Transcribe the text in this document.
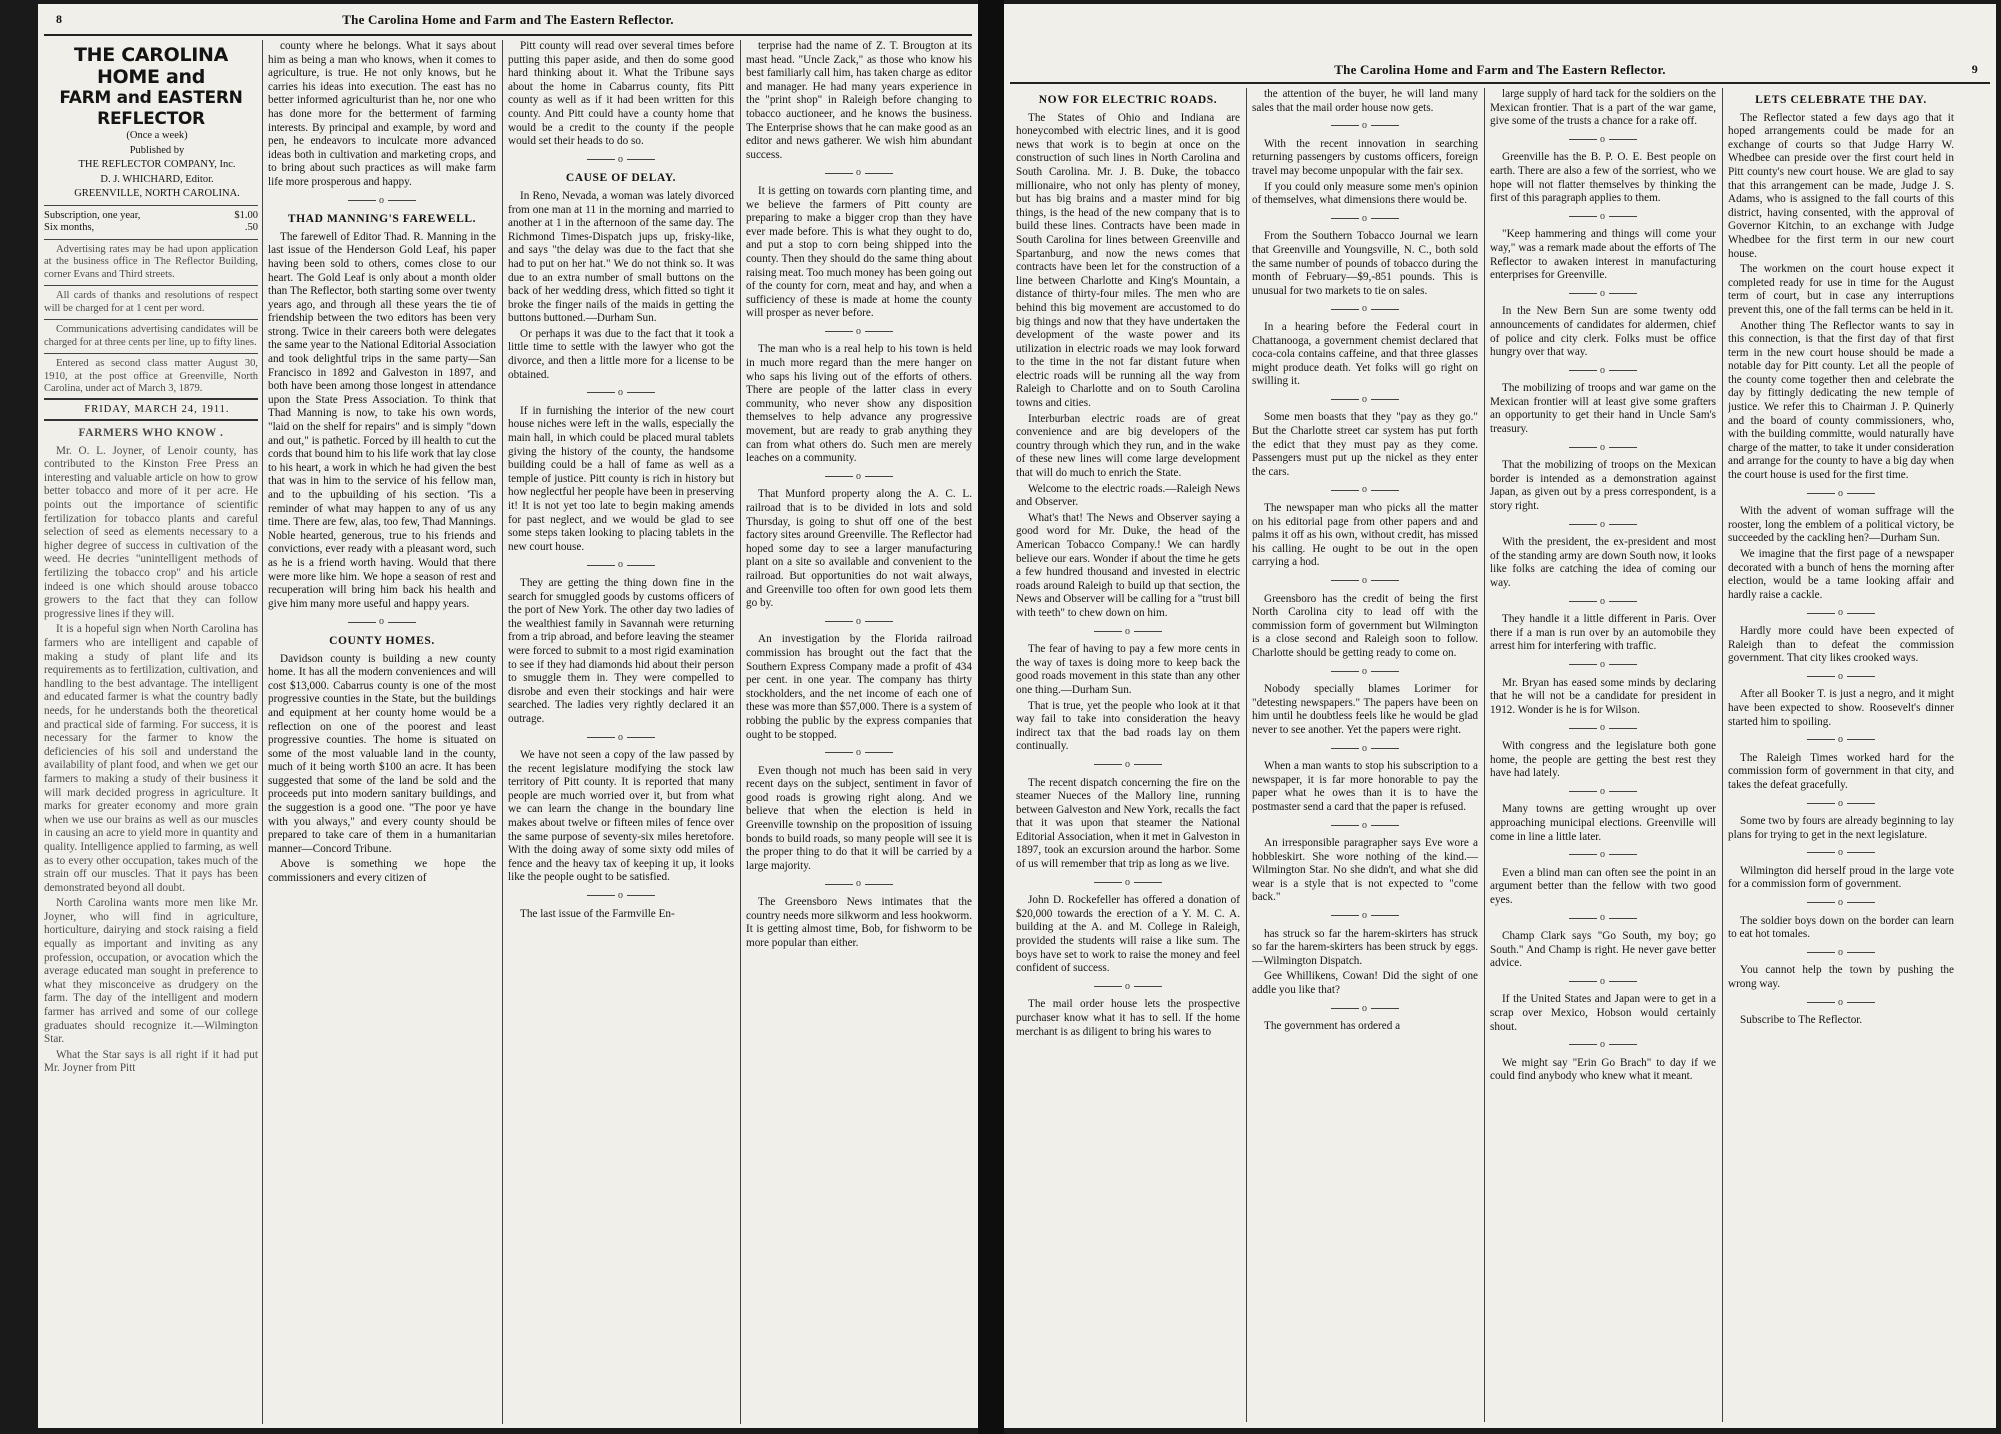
8	The Carolina Home and Farm and The Eastern Reflector.
THE CAROLINA HOME and

FARM and EASTERN
REFLECTOR

(Once a week)

Published by

THE REFLECTOR COMPANY, Inc.

D. J. WHICHARD, Editor.

GREENVILLE, NORTH CAROLINA.

Subscription, one year,	$1.00
Six months,	.50

Advertising rates may be had upon application at the business office in The Reflector Building, corner Evans and Third streets.

All cards of thanks and resolutions of respect will be charged for at 1 cent per word.

Communications advertising candidates will be charged for at three cents per line, up to fifty lines.

Entered as second class matter August 30, 1910, at the post office at Greenville, North Carolina, under act of March 3, 1879.

FRIDAY, MARCH 24, 1911.

FARMERS WHO KNOW .

Mr. O. L. Joyner, of Lenoir county, has contributed to the Kinston Free Press an interesting and valuable article on how to grow better tobacco and more of it per acre. He points out the importance of scientific fertilization for tobacco plants and careful selection of seed as elements necessary to a higher degree of success in cultivation of the weed. He decries "unintelligent methods of fertilizing the tobacco crop" and his article indeed is one which should arouse tobacco growers to the fact that they can follow progressive lines if they will.

It is a hopeful sign when North Carolina has farmers who are intelligent and capable of making a study of plant life and its requirements as to fertilization, cultivation, and handling to the best advantage. The intelligent and educated farmer is what the country badly needs, for he understands both the theoretical and practical side of farming. For success, it is necessary for the farmer to know the deficiencies of his soil and understand the availability of plant food, and when we get our farmers to making a study of their business it will mark decided progress in agriculture. It marks for greater economy and more grain when we use our brains as well as our muscles in causing an acre to yield more in quantity and quality. Intelligence applied to farming, as well as to every other occupation, takes much of the strain off our muscles. That it pays has been demonstrated beyond all doubt.

North Carolina wants more men like Mr. Joyner, who will find in agriculture, horticulture, dairying and stock raising a field equally as important and inviting as any profession, occupation, or avocation which the average educated man sought in preference to what they misconceive as drudgery on the farm. The day of the intelligent and modern farmer has arrived and some of our college graduates should recognize it.—Wilmington Star.

What the Star says is all right if it had put Mr. Joyner from Pitt

county where he belongs. What it says about him as being a man who knows, when it comes to agriculture, is true. He not only knows, but he carries his ideas into execution. The east has no better informed agriculturist than he, nor one who has done more for the betterment of farming interests. By principal and example, by word and pen, he endeavors to inculcate more advanced ideas both in cultivation and marketing crops, and to bring about such practices as will make farm life more prosperous and happy.

o
THAD MANNING'S FAREWELL.

The farewell of Editor Thad. R. Manning in the last issue of the Henderson Gold Leaf, his paper having been sold to others, comes close to our heart. The Gold Leaf is only about a month older than The Reflector, both starting some over twenty years ago, and through all these years the tie of friendship between the two editors has been very strong. Twice in their careers both were delegates the same year to the National Editorial Association and took delightful trips in the same party—San Francisco in 1892 and Galveston in 1897, and both have been among those longest in attendance upon the State Press Association. To think that Thad Manning is now, to take his own words, "laid on the shelf for repairs" and is simply "down and out," is pathetic. Forced by ill health to cut the cords that bound him to his life work that lay close to his heart, a work in which he had given the best that was in him to the service of his fellow man, and to the upbuilding of his section. 'Tis a reminder of what may happen to any of us any time. There are few, alas, too few, Thad Mannings. Noble hearted, generous, true to his friends and convictions, ever ready with a pleasant word, such as he is a friend worth having. Would that there were more like him. We hope a season of rest and recuperation will bring him back his health and give him many more useful and happy years.

o
COUNTY HOMES.

Davidson county is building a new county home. It has all the modern conveniences and will cost $13,000. Cabarrus county is one of the most progressive counties in the State, but the buildings and equipment at her county home would be a reflection on one of the poorest and least progressive counties. The home is situated on some of the most valuable land in the county, much of it being worth $100 an acre. It has been suggested that some of the land be sold and the proceeds put into modern sanitary buildings, and the suggestion is a good one. "The poor ye have with you always," and every county should be prepared to take care of them in a humanitarian manner—Concord Tribune.

Above is something we hope the commissioners and every citizen of

Pitt county will read over several times before putting this paper aside, and then do some good hard thinking about it. What the Tribune says about the home in Cabarrus county, fits Pitt county as well as if it had been written for this county. And Pitt could have a county home that would be a credit to the county if the people would set their heads to do so.

o
CAUSE OF DELAY.

In Reno, Nevada, a woman was lately divorced from one man at 11 in the morning and married to another at 1 in the afternoon of the same day. The Richmond Times-Dispatch jups up, frisky-like, and says "the delay was due to the fact that she had to put on her hat." We do not think so. It was due to an extra number of small buttons on the back of her wedding dress, which fitted so tight it broke the finger nails of the maids in getting the buttons buttoned.—Durham Sun.

Or perhaps it was due to the fact that it took a little time to settle with the lawyer who got the divorce, and then a little more for a license to be obtained.

o

If in furnishing the interior of the new court house niches were left in the walls, especially the main hall, in which could be placed mural tablets giving the history of the county, the handsome building could be a hall of fame as well as a temple of justice. Pitt county is rich in history but how neglectful her people have been in preserving it! It is not yet too late to begin making amends for past neglect, and we would be glad to see some steps taken looking to placing tablets in the new court house.

o

They are getting the thing down fine in the search for smuggled goods by customs officers of the port of New York. The other day two ladies of the wealthiest family in Savannah were returning from a trip abroad, and before leaving the steamer were forced to submit to a most rigid examination to see if they had diamonds hid about their person to smuggle them in. They were compelled to disrobe and even their stockings and hair were searched. The ladies very rightly declared it an outrage.

o

We have not seen a copy of the law passed by the recent legislature modifying the stock law territory of Pitt county. It is reported that many people are much worried over it, but from what we can learn the change in the boundary line makes about twelve or fifteen miles of fence over the same purpose of seventy-six miles heretofore. With the doing away of some sixty odd miles of fence and the heavy tax of keeping it up, it looks like the people ought to be satisfied.

o

The last issue of the Farmville En-

terprise had the name of Z. T. Brougton at its mast head. "Uncle Zack," as those who know his best familiarly call him, has taken charge as editor and manager. He had many years experience in the "print shop" in Raleigh before changing to tobacco auctioneer, and he knows the business. The Enterprise shows that he can make good as an editor and news gatherer. We wish him abundant success.

o

It is getting on towards corn planting time, and we believe the farmers of Pitt county are preparing to make a bigger crop than they have ever made before. This is what they ought to do, and put a stop to corn being shipped into the county. Then they should do the same thing about raising meat. Too much money has been going out of the county for corn, meat and hay, and when a sufficiency of these is made at home the county will prosper as never before.

o

The man who is a real help to his town is held in much more regard than the mere hanger on who saps his living out of the efforts of others. There are people of the latter class in every community, who never show any disposition themselves to help advance any progressive movement, but are ready to grab anything they can from what others do. Such men are merely leaches on a community.

o

That Munford property along the A. C. L. railroad that is to be divided in lots and sold Thursday, is going to shut off one of the best factory sites around Greenville. The Reflector had hoped some day to see a larger manufacturing plant on a site so available and convenient to the railroad. But opportunities do not wait always, and Greenville too often for own good lets them go by.

o

An investigation by the Florida railroad commission has brought out the fact that the Southern Express Company made a profit of 434 per cent. in one year. The company has thirty stockholders, and the net income of each one of these was more than $57,000. There is a system of robbing the public by the express companies that ought to be stopped.

o

Even though not much has been said in very recent days on the subject, sentiment in favor of good roads is growing right along. And we believe that when the election is held in Greenville township on the proposition of issuing bonds to build roads, so many people will see it is the proper thing to do that it will be carried by a large majority.

o

The Greensboro News intimates that the country needs more silkworm and less hookworm. It is getting almost time, Bob, for fishworm to be more popular than either.

The Carolina Home and Farm and The Eastern Reflector.	9
NOW FOR ELECTRIC ROADS.

The States of Ohio and Indiana are honeycombed with electric lines, and it is good news that work is to begin at once on the construction of such lines in North Carolina and South Carolina. Mr. J. B. Duke, the tobacco millionaire, who not only has plenty of money, but has big brains and a master mind for big things, is the head of the new company that is to build these lines. Contracts have been made in South Carolina for lines between Greenville and Spartanburg, and now the news comes that contracts have been let for the construction of a line between Charlotte and King's Mountain, a distance of thirty-four miles. The men who are behind this big movement are accustomed to do big things and now that they have undertaken the development of the waste power and its utilization in electric roads we may look forward to the time in the not far distant future when electric roads will be running all the way from Raleigh to Charlotte and on to South Carolina towns and cities.

Interburban electric roads are of great convenience and are big developers of the country through which they run, and in the wake of these new lines will come large development that will do much to enrich the State.

Welcome to the electric roads.—Raleigh News and Observer.

What's that! The News and Observer saying a good word for Mr. Duke, the head of the American Tobacco Company.! We can hardly believe our ears. Wonder if about the time he gets a few hundred thousand and invested in electric roads around Raleigh to build up that section, the News and Observer will be calling for a "trust bill with teeth" to chew down on him.

o

The fear of having to pay a few more cents in the way of taxes is doing more to keep back the good roads movement in this state than any other one thing.—Durham Sun.

That is true, yet the people who look at it that way fail to take into consideration the heavy indirect tax that the bad roads lay on them continually.

o

The recent dispatch concerning the fire on the steamer Nueces of the Mallory line, running between Galveston and New York, recalls the fact that it was upon that steamer the National Editorial Association, when it met in Galveston in 1897, took an excursion around the harbor. Some of us will remember that trip as long as we live.

o

John D. Rockefeller has offered a donation of $20,000 towards the erection of a Y. M. C. A. building at the A. and M. College in Raleigh, provided the students will raise a like sum. The boys have set to work to raise the money and feel confident of success.

o

The mail order house lets the prospective purchaser know what it has to sell. If the home merchant is as diligent to bring his wares to

the attention of the buyer, he will land many sales that the mail order house now gets.

o

With the recent innovation in searching returning passengers by customs officers, foreign travel may become unpopular with the fair sex.

If you could only measure some men's opinion of themselves, what dimensions there would be.

o

From the Southern Tobacco Journal we learn that Greenville and Youngsville, N. C., both sold the same number of pounds of tobacco during the month of February—$9,-851 pounds. This is unusual for two markets to tie on sales.

o

In a hearing before the Federal court in Chattanooga, a government chemist declared that coca-cola contains caffeine, and that three glasses might produce death. Yet folks will go right on swilling it.

o

Some men boasts that they "pay as they go." But the Charlotte street car system has put forth the edict that they must pay as they come. Passengers must put up the nickel as they enter the cars.

o

The newspaper man who picks all the matter on his editorial page from other papers and and palms it off as his own, without credit, has missed his calling. He ought to be out in the open carrying a hod.

o

Greensboro has the credit of being the first North Carolina city to lead off with the commission form of government but Wilmington is a close second and Raleigh soon to follow. Charlotte should be getting ready to come on.

o

Nobody specially blames Lorimer for "detesting newspapers." The papers have been on him until he doubtless feels like he would be glad never to see another. Yet the papers were right.

o

When a man wants to stop his subscription to a newspaper, it is far more honorable to pay the paper what he owes than it is to have the postmaster send a card that the paper is refused.

o

An irresponsible paragrapher says Eve wore a hobbleskirt. She wore nothing of the kind.—Wilmington Star. No she didn't, and what she did wear is a style that is not expected to "come back."

o

has struck so far the harem-skirters has struck so far the harem-skirters has been struck by eggs.—Wilmington Dispatch.

Gee Whillikens, Cowan! Did the sight of one addle you like that?

o

The government has ordered a

large supply of hard tack for the soldiers on the Mexican frontier. That is a part of the war game, give some of the trusts a chance for a rake off.

o

Greenville has the B. P. O. E. Best people on earth. There are also a few of the sorriest, who we hope will not flatter themselves by thinking the first of this paragraph applies to them.

o

"Keep hammering and things will come your way," was a remark made about the efforts of The Reflector to awaken interest in manufacturing enterprises for Greenville.

o

In the New Bern Sun are some twenty odd announcements of candidates for aldermen, chief of police and city clerk. Folks must be office hungry over that way.

o

The mobilizing of troops and war game on the Mexican frontier will at least give some grafters an opportunity to get their hand in Uncle Sam's treasury.

o

That the mobilizing of troops on the Mexican border is intended as a demonstration against Japan, as given out by a press correspondent, is a story right.

o

With the president, the ex-president and most of the standing army are down South now, it looks like folks are catching the idea of coming our way.

o

They handle it a little different in Paris. Over there if a man is run over by an automobile they arrest him for interfering with traffic.

o

Mr. Bryan has eased some minds by declaring that he will not be a candidate for president in 1912. Wonder is he is for Wilson.

o

With congress and the legislature both gone home, the people are getting the best rest they have had lately.

o

Many towns are getting wrought up over approaching municipal elections. Greenville will come in line a little later.

o

Even a blind man can often see the point in an argument better than the fellow with two good eyes.

o

Champ Clark says "Go South, my boy; go South." And Champ is right. He never gave better advice.

o

If the United States and Japan were to get in a scrap over Mexico, Hobson would certainly shout.

o

We might say "Erin Go Brach" to day if we could find anybody who knew what it meant.

LETS CELEBRATE THE DAY.

The Reflector stated a few days ago that it hoped arrangements could be made for an exchange of courts so that Judge Harry W. Whedbee can preside over the first court held in Pitt county's new court house. We are glad to say that this arrangement can be made, Judge J. S. Adams, who is assigned to the fall courts of this district, having consented, with the approval of Governor Kitchin, to an exchange with Judge Whedbee for the first term in our new court house.

The workmen on the court house expect it completed ready for use in time for the August term of court, but in case any interruptions prevent this, one of the fall terms can be held in it.

Another thing The Reflector wants to say in this connection, is that the first day of that first term in the new court house should be made a notable day for Pitt county. Let all the people of the county come together then and celebrate the day by fittingly dedicating the new temple of justice. We refer this to Chairman J. P. Quinerly and the board of county commissioners, who, with the building committe, would naturally have charge of the matter, to take it under consideration and arrange for the county to have a big day when the court house is used for the first time.

o

With the advent of woman suffrage will the rooster, long the emblem of a political victory, be succeeded by the cackling hen?—Durham Sun.

We imagine that the first page of a newspaper decorated with a bunch of hens the morning after election, would be a tame looking affair and hardly raise a cackle.

o

Hardly more could have been expected of Raleigh than to defeat the commission government. That city likes crooked ways.

o

After all Booker T. is just a negro, and it might have been expected to show. Roosevelt's dinner started him to spoiling.

o

The Raleigh Times worked hard for the commission form of government in that city, and takes the defeat gracefully.

o

Some two by fours are already beginning to lay plans for trying to get in the next legislature.

o

Wilmington did herself proud in the large vote for a commission form of government.

o

The soldier boys down on the border can learn to eat hot tomales.

o

You cannot help the town by pushing the wrong way.

o

Subscribe to The Reflector.
